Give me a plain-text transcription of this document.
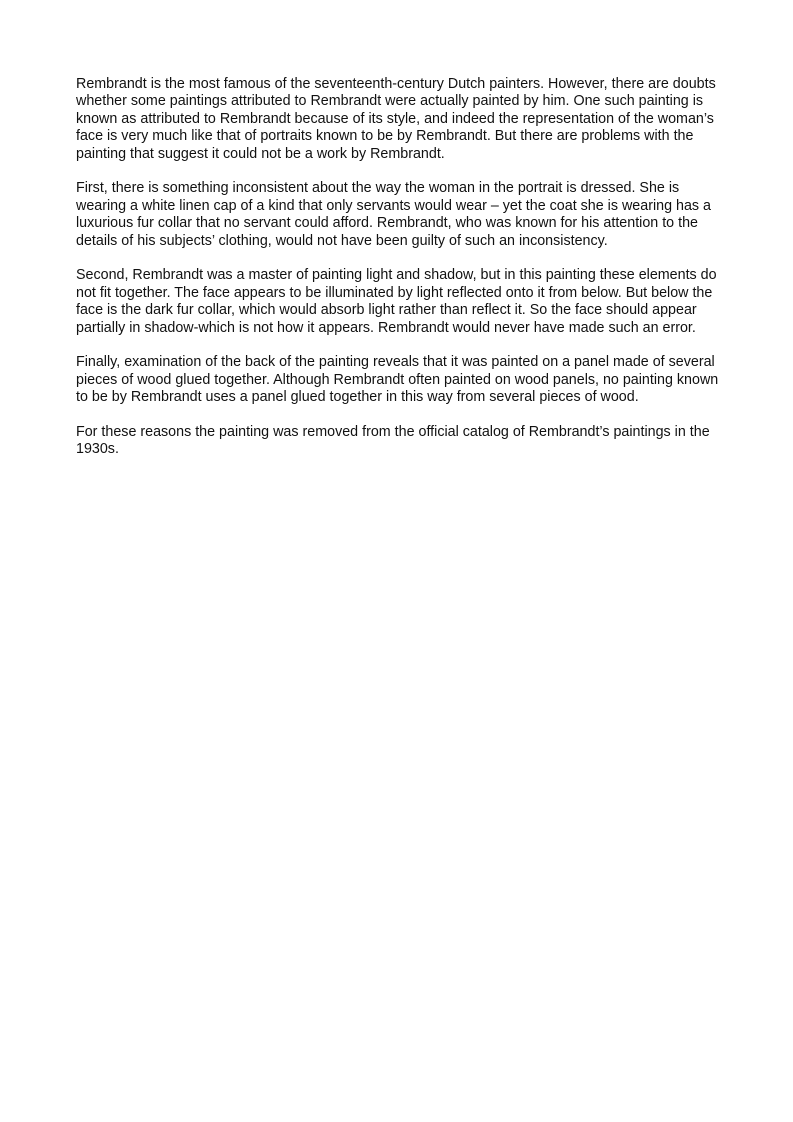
Rembrandt is the most famous of the seventeenth-century Dutch painters. However, there are doubts whether some paintings attributed to Rembrandt were actually painted by him. One such painting is known as attributed to Rembrandt because of its style, and indeed the representation of the woman’s face is very much like that of portraits known to be by Rembrandt. But there are problems with the painting that suggest it could not be a work by Rembrandt.

First, there is something inconsistent about the way the woman in the portrait is dressed. She is wearing a white linen cap of a kind that only servants would wear – yet the coat she is wearing has a luxurious fur collar that no servant could afford. Rembrandt, who was known for his attention to the details of his subjects’ clothing, would not have been guilty of such an inconsistency.

Second, Rembrandt was a master of painting light and shadow, but in this painting these elements do not fit together. The face appears to be illuminated by light reflected onto it from below. But below the face is the dark fur collar, which would absorb light rather than reflect it. So the face should appear partially in shadow-which is not how it appears. Rembrandt would never have made such an error.

Finally, examination of the back of the painting reveals that it was painted on a panel made of several pieces of wood glued together. Although Rembrandt often painted on wood panels, no painting known to be by Rembrandt uses a panel glued together in this way from several pieces of wood.

For these reasons the painting was removed from the official catalog of Rembrandt’s paintings in the 1930s.
